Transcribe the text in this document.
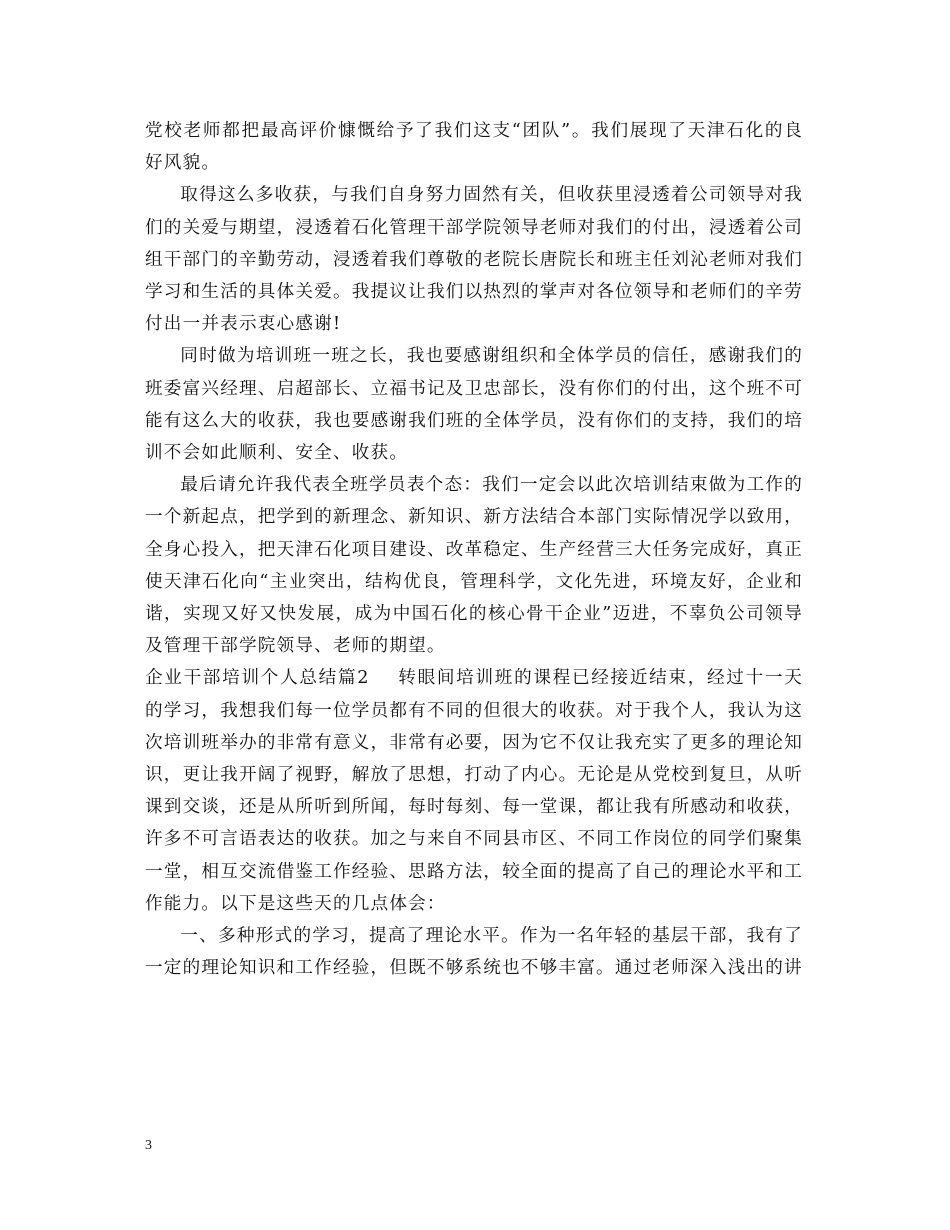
党校老师都把最高评价慷慨给予了我们这支“团队”。我们展现了天津石化的良好风貌。

取得这么多收获，与我们自身努力固然有关，但收获里浸透着公司领导对我们的关爱与期望，浸透着石化管理干部学院领导老师对我们的付出，浸透着公司组干部门的辛勤劳动，浸透着我们尊敬的老院长唐院长和班主任刘沁老师对我们学习和生活的具体关爱。我提议让我们以热烈的掌声对各位领导和老师们的辛劳付出一并表示衷心感谢!

同时做为培训班一班之长，我也要感谢组织和全体学员的信任，感谢我们的班委富兴经理、启超部长、立福书记及卫忠部长，没有你们的付出，这个班不可能有这么大的收获，我也要感谢我们班的全体学员，没有你们的支持，我们的培训不会如此顺利、安全、收获。

最后请允许我代表全班学员表个态：我们一定会以此次培训结束做为工作的一个新起点，把学到的新理念、新知识、新方法结合本部门实际情况学以致用，全身心投入，把天津石化项目建设、改革稳定、生产经营三大任务完成好，真正使天津石化向“主业突出，结构优良，管理科学，文化先进，环境友好，企业和谐，实现又好又快发展，成为中国石化的核心骨干企业”迈进，不辜负公司领导及管理干部学院领导、老师的期望。

企业干部培训个人总结篇2 转眼间培训班的课程已经接近结束，经过十一天的学习，我想我们每一位学员都有不同的但很大的收获。对于我个人，我认为这次培训班举办的非常有意义，非常有必要，因为它不仅让我充实了更多的理论知识，更让我开阔了视野，解放了思想，打动了内心。无论是从党校到复旦，从听课到交谈，还是从所听到所闻，每时每刻、每一堂课，都让我有所感动和收获，许多不可言语表达的收获。加之与来自不同县市区、不同工作岗位的同学们聚集一堂，相互交流借鉴工作经验、思路方法，较全面的提高了自己的理论水平和工作能力。以下是这些天的几点体会：

一、多种形式的学习，提高了理论水平。作为一名年轻的基层干部，我有了一定的理论知识和工作经验，但既不够系统也不够丰富。通过老师深入浅出的讲

3
